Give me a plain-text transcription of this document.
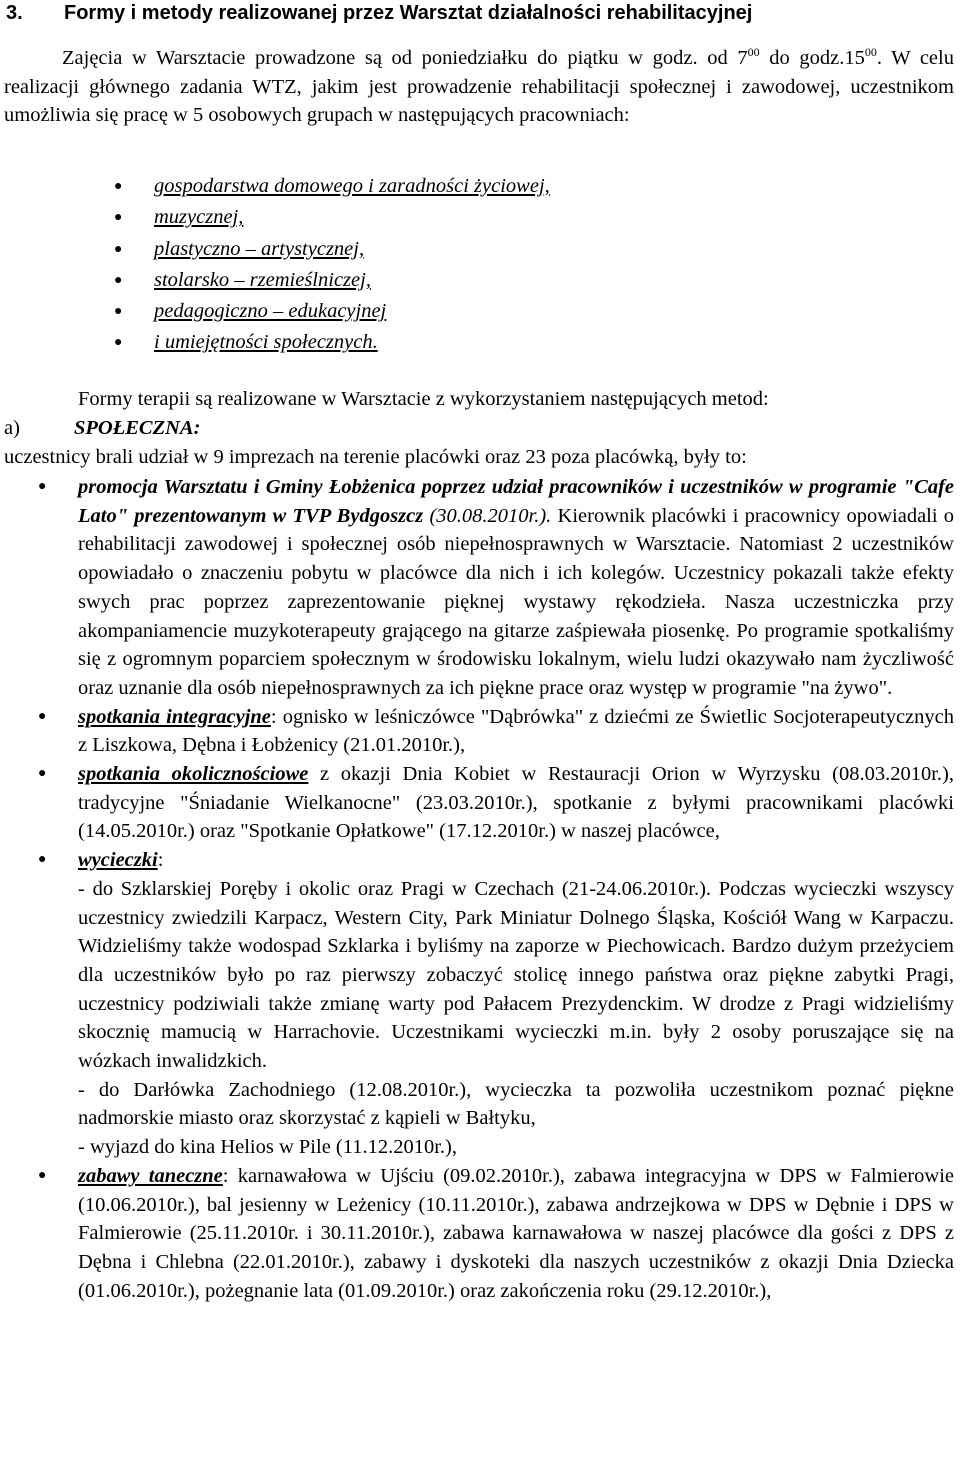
3. Formy i metody realizowanej przez Warsztat działalności rehabilitacyjnej
Zajęcia w Warsztacie prowadzone są od poniedziałku do piątku w godz. od $7^{00}$ do $godz.15^{00}$. W celu realizacji głównego zadania WTZ, jakim jest prowadzenie rehabilitacji społecznej i zawodowej, uczestnikom umożliwia się pracę w 5 osobowych grupach w następujących pracowniach:
● gospodarstwa domowego i zaradności życiowej,
● muzycznej,
● plastyczno – artystycznej,
● stolarsko – rzemieślniczej,
● pedagogiczno – edukacyjnej
● i umiejętności społecznych.
Formy terapii są realizowane w Warsztacie z wykorzystaniem następujących metod:
a)	SPOŁECZNA:
uczestnicy brali udział w 9 imprezach na terenie placówki oraz 23 poza placówką, były to:
● promocja Warsztatu i Gminy Łobżenica poprzez udział pracowników i uczestników w programie "Cafe Lato" prezentowanym w TVP Bydgoszcz (30.08.2010r.). Kierownik placówki i pracownicy opowiadali o rehabilitacji zawodowej i społecznej osób niepełnosprawnych w Warsztacie. Natomiast 2 uczestników opowiadało o znaczeniu pobytu w placówce dla nich i ich kolegów. Uczestnicy pokazali także efekty swych prac poprzez zaprezentowanie pięknej wystawy rękodzieła. Nasza uczestniczka przy akompaniamencie muzykoterapeuty grającego na gitarze zaśpiewała piosenkę. Po programie spotkaliśmy się z ogromnym poparciem społecznym w środowisku lokalnym, wielu ludzi okazywało nam życzliwość oraz uznanie dla osób niepełnosprawnych za ich piękne prace oraz występ w programie "na żywo".
● spotkania integracyjne: ognisko w leśniczówce "Dąbrówka" z dziećmi ze Świetlic Socjoterapeutycznych z Liszkowa, Dębna i Łobżenicy (21.01.2010r.),
● spotkania okolicznościowe z okazji Dnia Kobiet w Restauracji Orion w Wyrzysku (08.03.2010r.), tradycyjne "Śniadanie Wielkanocne" (23.03.2010r.), spotkanie z byłymi pracownikami placówki (14.05.2010r.) oraz "Spotkanie Opłatkowe" (17.12.2010r.) w naszej placówce,
● wycieczki:
- do Szklarskiej Poręby i okolic oraz Pragi w Czechach (21-24.06.2010r.). Podczas wycieczki wszyscy uczestnicy zwiedzili Karpacz, Western City, Park Miniatur Dolnego Śląska, Kościół Wang w Karpaczu. Widzieliśmy także wodospad Szklarka i byliśmy na zaporze w Piechowicach. Bardzo dużym przeżyciem dla uczestników było po raz pierwszy zobaczyć stolicę innego państwa oraz piękne zabytki Pragi, uczestnicy podziwiali także zmianę warty pod Pałacem Prezydenckim. W drodze z Pragi widzieliśmy skocznię mamucią w Harrachovie. Uczestnikami wycieczki m.in. były 2 osoby poruszające się na wózkach inwalidzkich.
- do Darłówka Zachodniego (12.08.2010r.), wycieczka ta pozwoliła uczestnikom poznać piękne nadmorskie miasto oraz skorzystać z kąpieli w Bałtyku,
- wyjazd do kina Helios w Pile (11.12.2010r.),
● zabawy taneczne: karnawałowa w Ujściu (09.02.2010r.), zabawa integracyjna w DPS w Falmierowie (10.06.2010r.), bal jesienny w Leżenicy (10.11.2010r.), zabawa andrzejkowa w DPS w Dębnie i DPS w Falmierowie (25.11.2010r. i 30.11.2010r.), zabawa karnawałowa w naszej placówce dla gości z DPS z Dębna i Chlebna (22.01.2010r.), zabawy i dyskoteki dla naszych uczestników z okazji Dnia Dziecka (01.06.2010r.), pożegnanie lata (01.09.2010r.) oraz zakończenia roku (29.12.2010r.),
